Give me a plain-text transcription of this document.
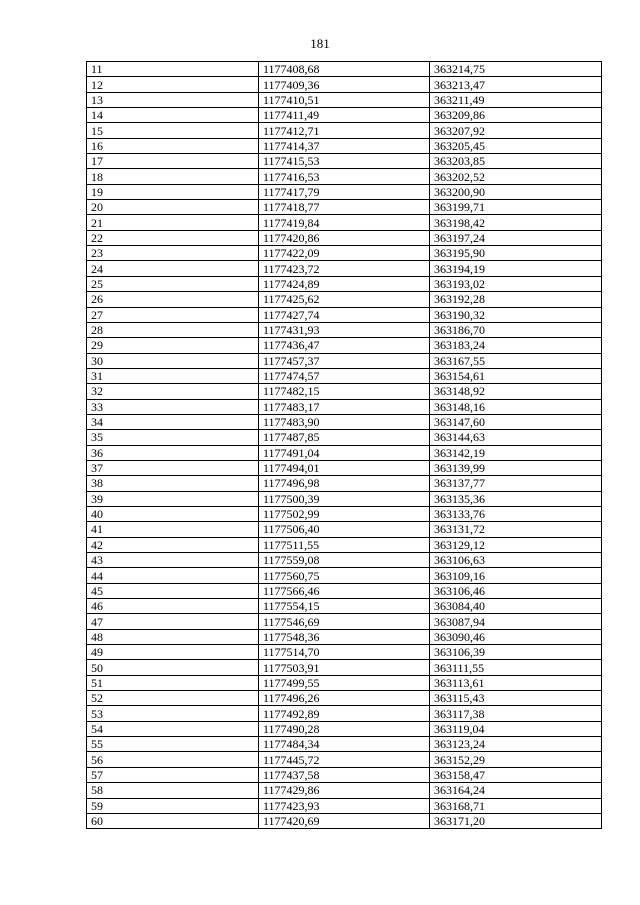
181
11	1177408,68	363214,75
12	1177409,36	363213,47
13	1177410,51	363211,49
14	1177411,49	363209,86
15	1177412,71	363207,92
16	1177414,37	363205,45
17	1177415,53	363203,85
18	1177416,53	363202,52
19	1177417,79	363200,90
20	1177418,77	363199,71
21	1177419,84	363198,42
22	1177420,86	363197,24
23	1177422,09	363195,90
24	1177423,72	363194,19
25	1177424,89	363193,02
26	1177425,62	363192,28
27	1177427,74	363190,32
28	1177431,93	363186,70
29	1177436,47	363183,24
30	1177457,37	363167,55
31	1177474,57	363154,61
32	1177482,15	363148,92
33	1177483,17	363148,16
34	1177483,90	363147,60
35	1177487,85	363144,63
36	1177491,04	363142,19
37	1177494,01	363139,99
38	1177496,98	363137,77
39	1177500,39	363135,36
40	1177502,99	363133,76
41	1177506,40	363131,72
42	1177511,55	363129,12
43	1177559,08	363106,63
44	1177560,75	363109,16
45	1177566,46	363106,46
46	1177554,15	363084,40
47	1177546,69	363087,94
48	1177548,36	363090,46
49	1177514,70	363106,39
50	1177503,91	363111,55
51	1177499,55	363113,61
52	1177496,26	363115,43
53	1177492,89	363117,38
54	1177490,28	363119,04
55	1177484,34	363123,24
56	1177445,72	363152,29
57	1177437,58	363158,47
58	1177429,86	363164,24
59	1177423,93	363168,71
60	1177420,69	363171,20
